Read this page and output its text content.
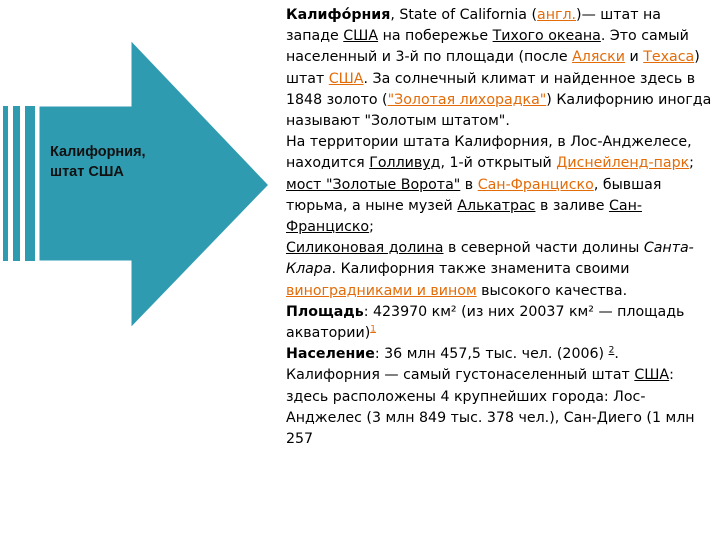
Калифорния,
штат США

Калифо́рния, State of California (англ.)— штат на западе США на побережье Тихого океана. Это самый населенный и 3-й по площади (после Аляски и Техаса) штат США. За солнечный климат и найденное здесь в 1848 золото ("Золотая лихорадка") Калифорнию иногда называют "Золотым штатом".

На территории штата Калифорния, в Лос-Анджелесе, находится Голливуд, 1-й открытый Диснейленд-парк;

мост "Золотые Ворота" в Сан-Франциско, бывшая тюрьма, а ныне музей Алькатрас в заливе Сан-Франциско;

Силиконовая долина в северной части долины Санта-Клара. Калифорния также знаменита своими виноградниками и вином высокого качества.

Площадь: 423970 км² (из них 20037 км² — площадь акватории)$^1$

Население: 36 млн 457,5 тыс. чел. (2006) $^2$. Калифорния — самый густонаселенный штат США: здесь расположены 4 крупнейших города: Лос-Анджелес (3 млн 849 тыс. 378 чел.), Сан-Диего (1 млн 257
